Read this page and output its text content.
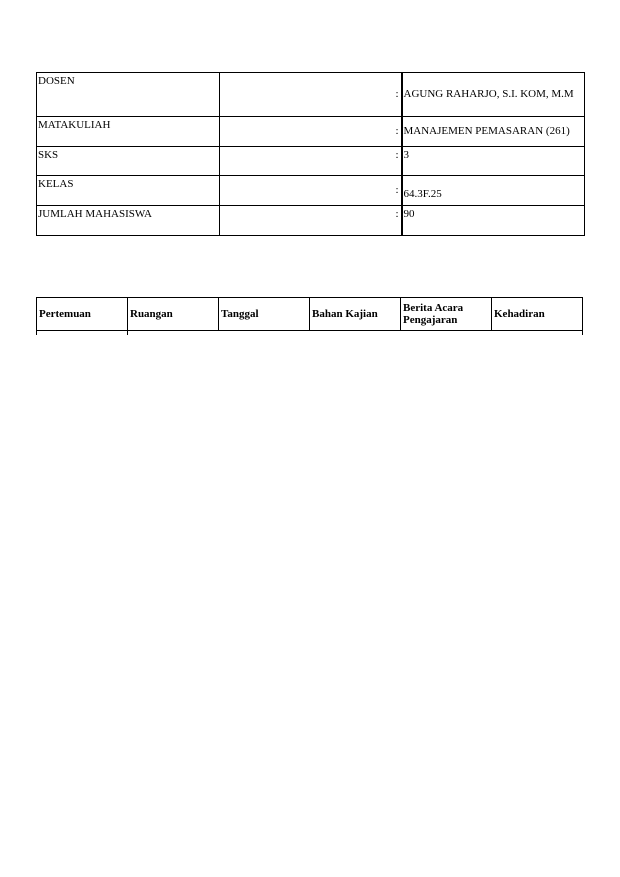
DOSEN	:	AGUNG RAHARJO, S.I. KOM, M.M
MATAKULIAH	:	MANAJEMEN PEMASARAN (261)
SKS	:	3
KELAS	:	64.3F.25
JUMLAH MAHASISWA	:	90
Pertemuan	Ruangan	Tanggal	Bahan Kajian	Berita Acara Pengajaran	Kehadiran
